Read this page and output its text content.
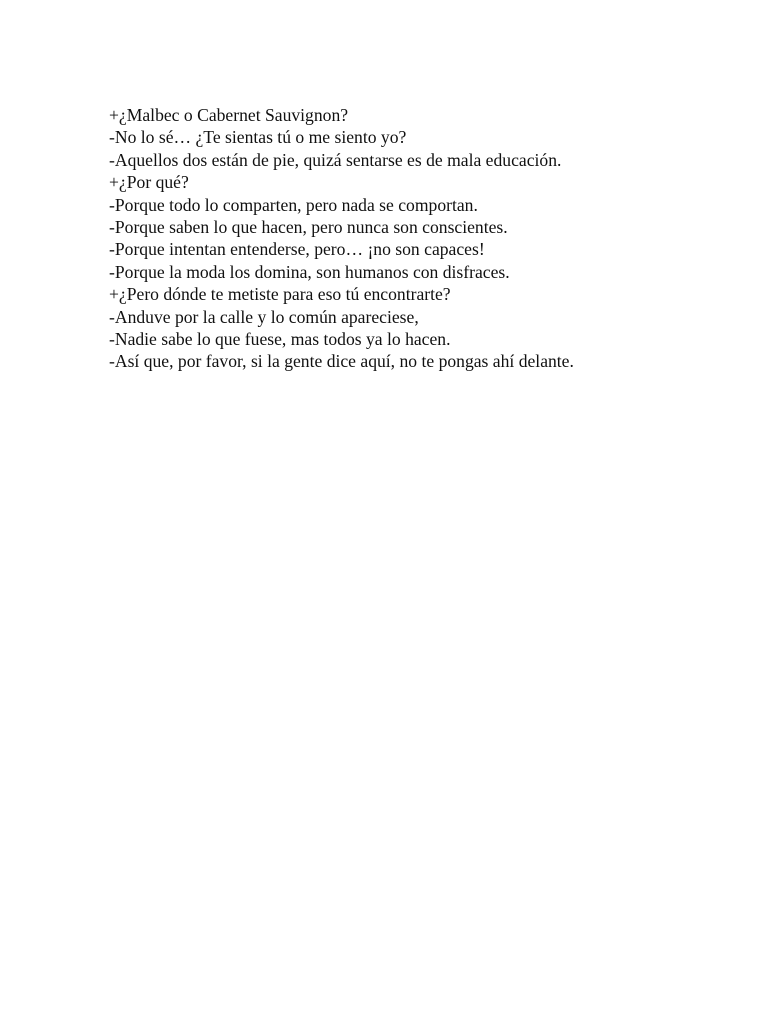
+¿Malbec o Cabernet Sauvignon?
-No lo sé… ¿Te sientas tú o me siento yo?
-Aquellos dos están de pie, quizá sentarse es de mala educación.
+¿Por qué?
-Porque todo lo comparten, pero nada se comportan.
-Porque saben lo que hacen, pero nunca son conscientes.
-Porque intentan entenderse, pero… ¡no son capaces!
-Porque la moda los domina, son humanos con disfraces.
+¿Pero dónde te metiste para eso tú encontrarte?
-Anduve por la calle y lo común apareciese,
-Nadie sabe lo que fuese, mas todos ya lo hacen.
-Así que, por favor, si la gente dice aquí, no te pongas ahí delante.
